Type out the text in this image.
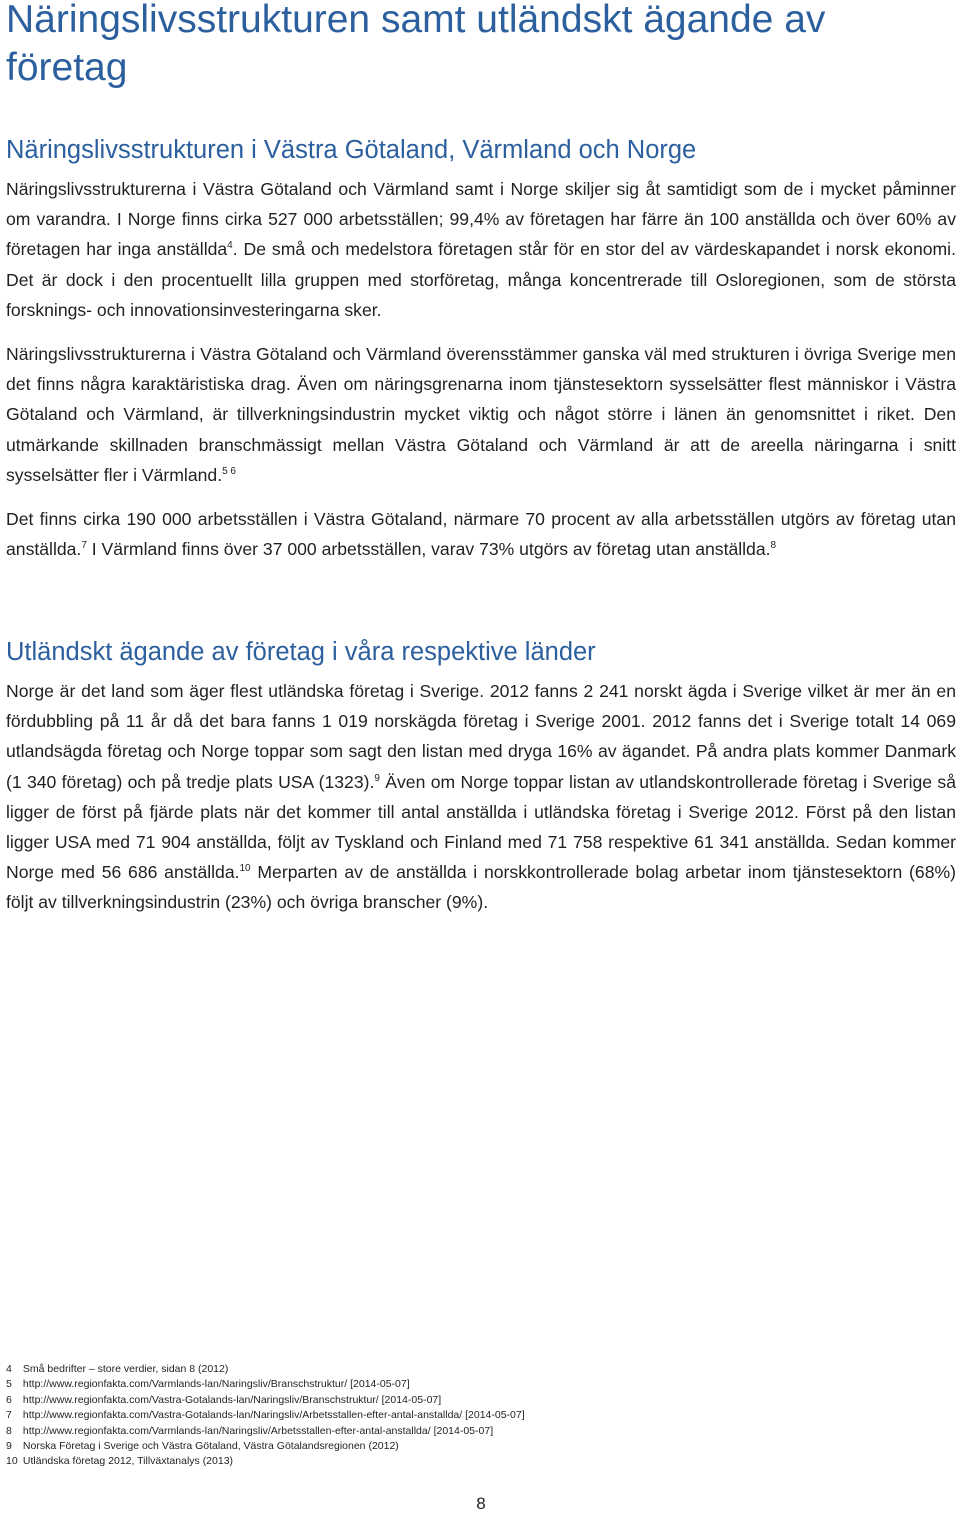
Näringslivsstrukturen samt utländskt ägande av företag
Näringslivsstrukturen i Västra Götaland, Värmland och Norge

Näringslivsstrukturerna i Västra Götaland och Värmland samt i Norge skiljer sig åt samtidigt som de i mycket påminner om varandra. I Norge finns cirka 527 000 arbetsställen; 99,4% av företagen har färre än 100 anställda och över 60% av företagen har inga anställda$^4$. De små och medelstora företagen står för en stor del av värdeskapandet i norsk ekonomi. Det är dock i den procentuellt lilla gruppen med storföretag, många koncentrerade till Osloregionen, som de största forsknings- och innovationsinvesteringarna sker.

Näringslivsstrukturerna i Västra Götaland och Värmland överensstämmer ganska väl med strukturen i övriga Sverige men det finns några karaktäristiska drag. Även om näringsgrenarna inom tjänstesektorn sysselsätter flest människor i Västra Götaland och Värmland, är tillverkningsindustrin mycket viktig och något större i länen än genomsnittet i riket. Den utmärkande skillnaden branschmässigt mellan Västra Götaland och Värmland är att de areella näringarna i snitt sysselsätter fler i Värmland.$^{5 6}$

Det finns cirka 190 000 arbetsställen i Västra Götaland, närmare 70 procent av alla arbetsställen utgörs av företag utan anställda.$^7$ I Värmland finns över 37 000 arbetsställen, varav 73% utgörs av företag utan anställda.$^8$

Utländskt ägande av företag i våra respektive länder

Norge är det land som äger flest utländska företag i Sverige. 2012 fanns 2 241 norskt ägda i Sverige vilket är mer än en fördubbling på 11 år då det bara fanns 1 019 norskägda företag i Sverige 2001. 2012 fanns det i Sverige totalt 14 069 utlandsägda företag och Norge toppar som sagt den listan med dryga 16% av ägandet. På andra plats kommer Danmark (1 340 företag) och på tredje plats USA (1323).$^9$ Även om Norge toppar listan av utlandskontrollerade företag i Sverige så ligger de först på fjärde plats när det kommer till antal anställda i utländska företag i Sverige 2012. Först på den listan ligger USA med 71 904 anställda, följt av Tyskland och Finland med 71 758 respektive 61 341 anställda. Sedan kommer Norge med 56 686 anställda.$^{10}$ Merparten av de anställda i norskkontrollerade bolag arbetar inom tjänstesektorn (68%) följt av tillverkningsindustrin (23%) och övriga branscher (9%).

4 Små bedrifter – store verdier, sidan 8 (2012)
5 http://www.regionfakta.com/Varmlands-lan/Naringsliv/Branschstruktur/ [2014-05-07]
6 http://www.regionfakta.com/Vastra-Gotalands-lan/Naringsliv/Branschstruktur/ [2014-05-07]
7 http://www.regionfakta.com/Vastra-Gotalands-lan/Naringsliv/Arbetsstallen-efter-antal-anstallda/ [2014-05-07]
8 http://www.regionfakta.com/Varmlands-lan/Naringsliv/Arbetsstallen-efter-antal-anstallda/ [2014-05-07]
9 Norska Företag i Sverige och Västra Götaland, Västra Götalandsregionen (2012)
10 Utländska företag 2012, Tillväxtanalys (2013)
8
